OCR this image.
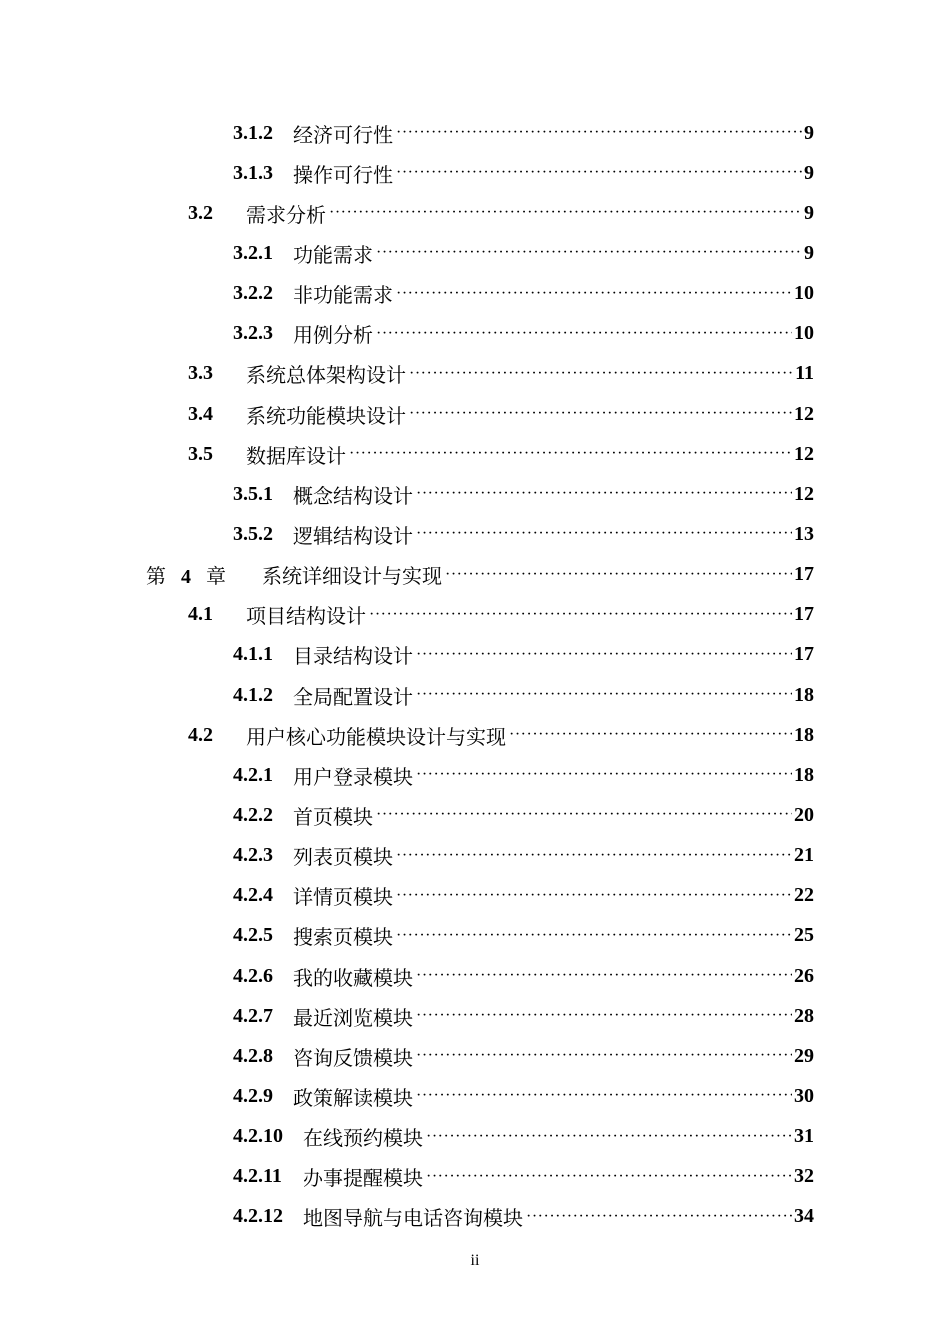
3.1.2	经济可行性 ·····	9
3.1.3	操作可行性 ·····	9
3.2	需求分析 ·····	9
3.2.1	功能需求 ·····	9
3.2.2	非功能需求 ·····	10
3.2.3	用例分析 ·····	10
3.3	系统总体架构设计 ·····	11
3.4	系统功能模块设计 ·····	12
3.5	数据库设计 ·····	12
3.5.1	概念结构设计 ·····	12
3.5.2	逻辑结构设计 ·····	13
第 4 章	系统详细设计与实现 ·····	17
4.1	项目结构设计 ·····	17
4.1.1	目录结构设计 ·····	17
4.1.2	全局配置设计 ·····	18
4.2	用户核心功能模块设计与实现 ·····	18
4.2.1	用户登录模块 ·····	18
4.2.2	首页模块 ·····	20
4.2.3	列表页模块 ·····	21
4.2.4	详情页模块 ·····	22
4.2.5	搜索页模块 ·····	25
4.2.6	我的收藏模块 ·····	26
4.2.7	最近浏览模块 ·····	28
4.2.8	咨询反馈模块 ·····	29
4.2.9	政策解读模块 ·····	30
4.2.10	在线预约模块 ·····	31
4.2.11	办事提醒模块 ·····	32
4.2.12	地图导航与电话咨询模块 ·····	34
ii
